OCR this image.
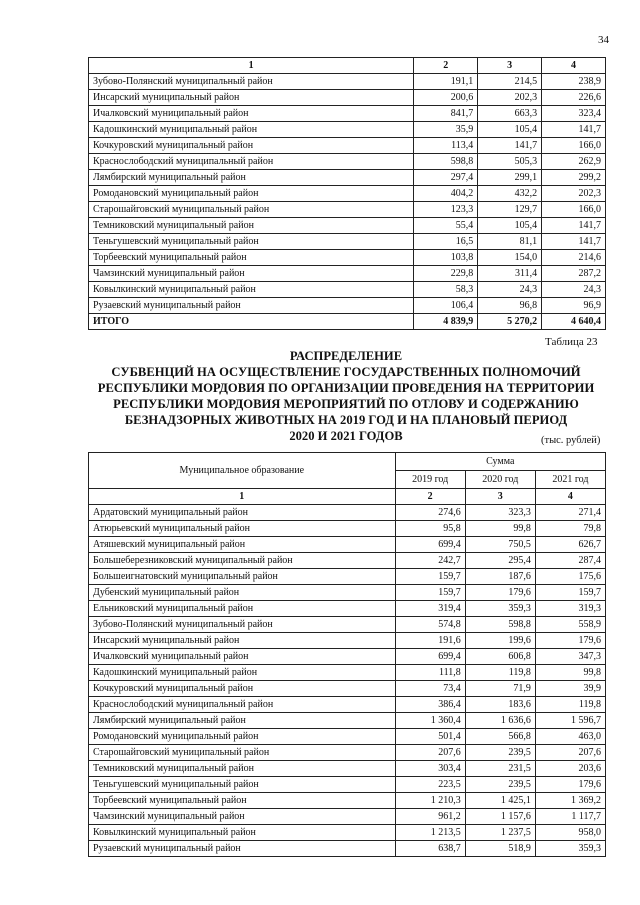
34
1	2	3	4
Зубово-Полянский муниципальный район	191,1	214,5	238,9
Инсарский муниципальный район	200,6	202,3	226,6
Ичалковский муниципальный район	841,7	663,3	323,4
Кадошкинский муниципальный район	35,9	105,4	141,7
Кочкуровский муниципальный район	113,4	141,7	166,0
Краснослободский муниципальный район	598,8	505,3	262,9
Лямбирский муниципальный район	297,4	299,1	299,2
Ромодановский муниципальный район	404,2	432,2	202,3
Старошайговский муниципальный район	123,3	129,7	166,0
Темниковский муниципальный район	55,4	105,4	141,7
Теньгушевский муниципальный район	16,5	81,1	141,7
Торбеевский муниципальный район	103,8	154,0	214,6
Чамзинский муниципальный район	229,8	311,4	287,2
Ковылкинский муниципальный район	58,3	24,3	24,3
Рузаевский муниципальный район	106,4	96,8	96,9
ИТОГО	4 839,9	5 270,2	4 640,4
Таблица 23
РАСПРЕДЕЛЕНИЕ
СУБВЕНЦИЙ НА ОСУЩЕСТВЛЕНИЕ ГОСУДАРСТВЕННЫХ ПОЛНОМОЧИЙ
РЕСПУБЛИКИ МОРДОВИЯ ПО ОРГАНИЗАЦИИ ПРОВЕДЕНИЯ НА ТЕРРИТОРИИ
РЕСПУБЛИКИ МОРДОВИЯ МЕРОПРИЯТИЙ ПО ОТЛОВУ И СОДЕРЖАНИЮ
БЕЗНАДЗОРНЫХ ЖИВОТНЫХ НА 2019 ГОД И НА ПЛАНОВЫЙ ПЕРИОД
2020 И 2021 ГОДОВ	(тыс. рублей)
Муниципальное образование	Сумма		
	2019 год	2020 год	2021 год
1	2	3	4
Ардатовский муниципальный район	274,6	323,3	271,4
Атюрьевский муниципальный район	95,8	99,8	79,8
Атяшевский муниципальный район	699,4	750,5	626,7
Большеберезниковский муниципальный район	242,7	295,4	287,4
Большеигнатовский муниципальный район	159,7	187,6	175,6
Дубенский муниципальный район	159,7	179,6	159,7
Ельниковский муниципальный район	319,4	359,3	319,3
Зубово-Полянский муниципальный район	574,8	598,8	558,9
Инсарский муниципальный район	191,6	199,6	179,6
Ичалковский муниципальный район	699,4	606,8	347,3
Кадошкинский муниципальный район	111,8	119,8	99,8
Кочкуровский муниципальный район	73,4	71,9	39,9
Краснослободский муниципальный район	386,4	183,6	119,8
Лямбирский муниципальный район	1 360,4	1 636,6	1 596,7
Ромодановский муниципальный район	501,4	566,8	463,0
Старошайговский муниципальный район	207,6	239,5	207,6
Темниковский муниципальный район	303,4	231,5	203,6
Теньгушевский муниципальный район	223,5	239,5	179,6
Торбеевский муниципальный район	1 210,3	1 425,1	1 369,2
Чамзинский муниципальный район	961,2	1 157,6	1 117,7
Ковылкинский муниципальный район	1 213,5	1 237,5	958,0
Рузаевский муниципальный район	638,7	518,9	359,3
